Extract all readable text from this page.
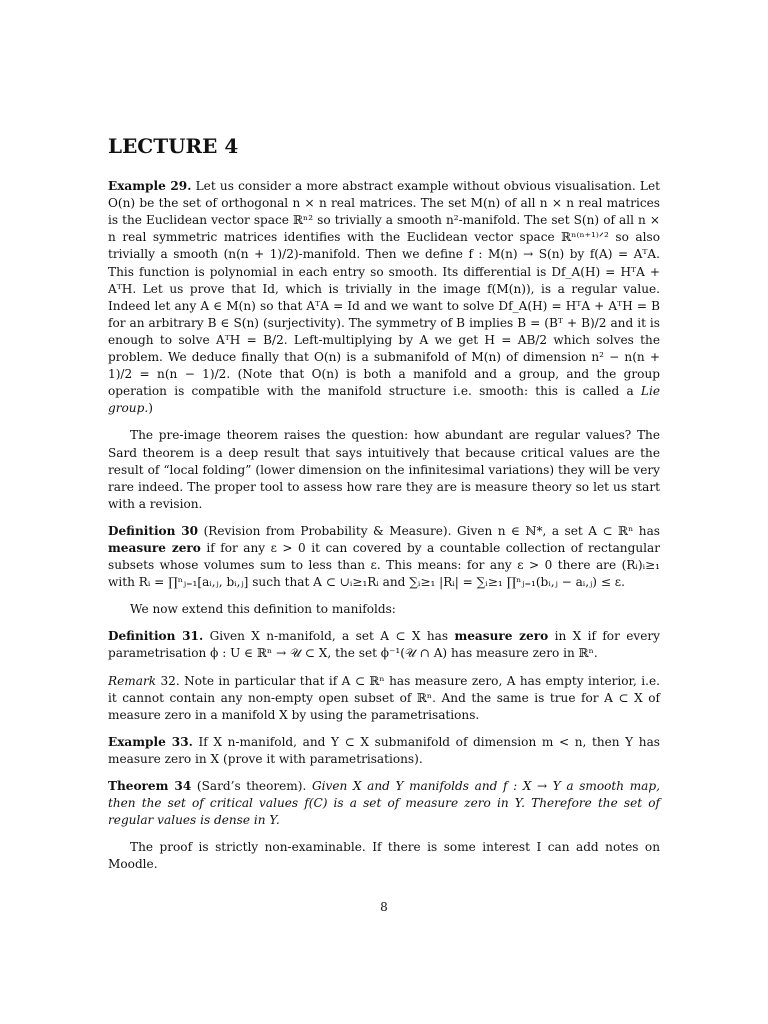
LECTURE 4

Example 29. Let us consider a more abstract example without obvious visualisation. Let O(n) be the set of orthogonal n × n real matrices. The set M(n) of all n × n real matrices is the Euclidean vector space ℝⁿ² so trivially a smooth n²-manifold. The set S(n) of all n × n real symmetric matrices identifies with the Euclidean vector space ℝⁿ⁽ⁿ⁺¹⁾ᐟ² so also trivially a smooth (n(n + 1)/2)-manifold. Then we define f : M(n) → S(n) by f(A) = AᵀA. This function is polynomial in each entry so smooth. Its differential is Df_A(H) = HᵀA + AᵀH. Let us prove that Id, which is trivially in the image f(M(n)), is a regular value. Indeed let any A ∈ M(n) so that AᵀA = Id and we want to solve Df_A(H) = HᵀA + AᵀH = B for an arbitrary B ∈ S(n) (surjectivity). The symmetry of B implies B = (Bᵀ + B)/2 and it is enough to solve AᵀH = B/2. Left-multiplying by A we get H = AB/2 which solves the problem. We deduce finally that O(n) is a submanifold of M(n) of dimension n² − n(n + 1)/2 = n(n − 1)/2. (Note that O(n) is both a manifold and a group, and the group operation is compatible with the manifold structure i.e. smooth: this is called a Lie group.)

The pre-image theorem raises the question: how abundant are regular values? The Sard theorem is a deep result that says intuitively that because critical values are the result of “local folding” (lower dimension on the infinitesimal variations) they will be very rare indeed. The proper tool to assess how rare they are is measure theory so let us start with a revision.

Definition 30 (Revision from Probability & Measure). Given n ∈ ℕ*, a set A ⊂ ℝⁿ has measure zero if for any ε > 0 it can covered by a countable collection of rectangular subsets whose volumes sum to less than ε. This means: for any ε > 0 there are (Rᵢ)ᵢ≥₁ with Rᵢ = ∏ⁿⱼ₌₁[aᵢ,ⱼ, bᵢ,ⱼ] such that A ⊂ ∪ᵢ≥₁Rᵢ and ∑ᵢ≥₁ |Rᵢ| = ∑ᵢ≥₁ ∏ⁿⱼ₌₁(bᵢ,ⱼ − aᵢ,ⱼ) ≤ ε.

We now extend this definition to manifolds:

Definition 31. Given X n-manifold, a set A ⊂ X has measure zero in X if for every parametrisation ϕ : U ∈ ℝⁿ → 𝒰 ⊂ X, the set ϕ⁻¹(𝒰 ∩ A) has measure zero in ℝⁿ.

Remark 32. Note in particular that if A ⊂ ℝⁿ has measure zero, A has empty interior, i.e. it cannot contain any non-empty open subset of ℝⁿ. And the same is true for A ⊂ X of measure zero in a manifold X by using the parametrisations.

Example 33. If X n-manifold, and Y ⊂ X submanifold of dimension m < n, then Y has measure zero in X (prove it with parametrisations).

Theorem 34 (Sard’s theorem). Given X and Y manifolds and f : X → Y a smooth map, then the set of critical values f(C) is a set of measure zero in Y. Therefore the set of regular values is dense in Y.

The proof is strictly non-examinable. If there is some interest I can add notes on Moodle.

8
